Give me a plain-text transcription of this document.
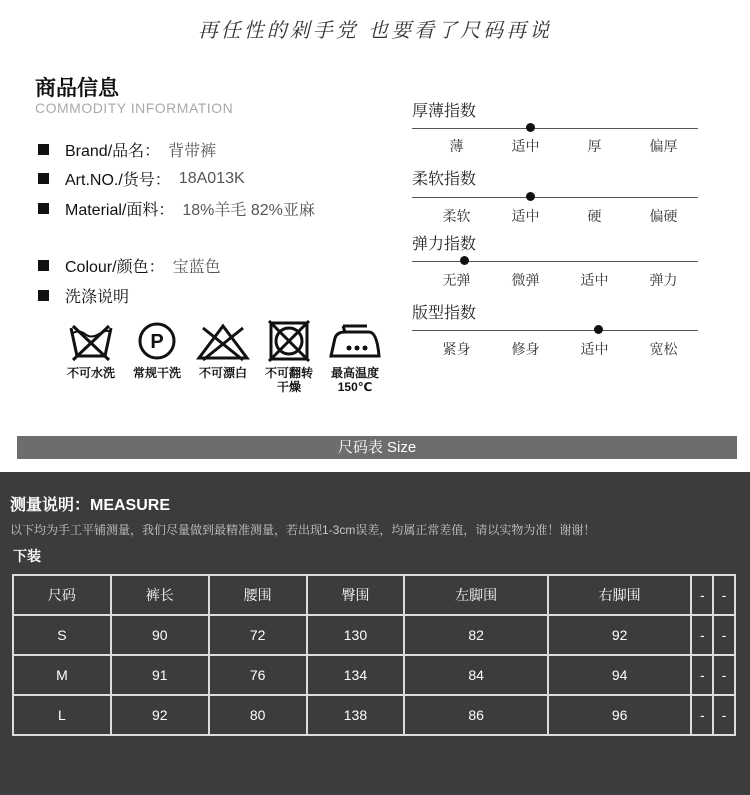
再任性的剁手党 也要看了尺码再说
商品信息
COMMODITY INFORMATION
Brand/品名： 背带裤
Art.NO./货号： 18A013K
Material/面料： 18%羊毛 82%亚麻
Colour/颜色： 宝蓝色
洗涤说明
不可水洗
P
常规干洗	不可漂白	不可翻转
干燥
最高温度
150℃
厚薄指数
薄	适中	厚	偏厚
柔软指数
柔软	适中	硬	偏硬
弹力指数
无弹	微弹	适中	弹力
版型指数
紧身	修身	适中	宽松
尺码表 Size
测量说明：MEASURE
以下均为手工平铺测量，我们尽量做到最精准测量，若出现1-3cm误差，均属正常差值，请以实物为准！谢谢！
下装
尺码	裤长	腰围	臀围	左脚围	右脚围	-	-
S	90	72	130	82	92	-	-
M	91	76	134	84	94	-	-
L	92	80	138	86	96	-	-
